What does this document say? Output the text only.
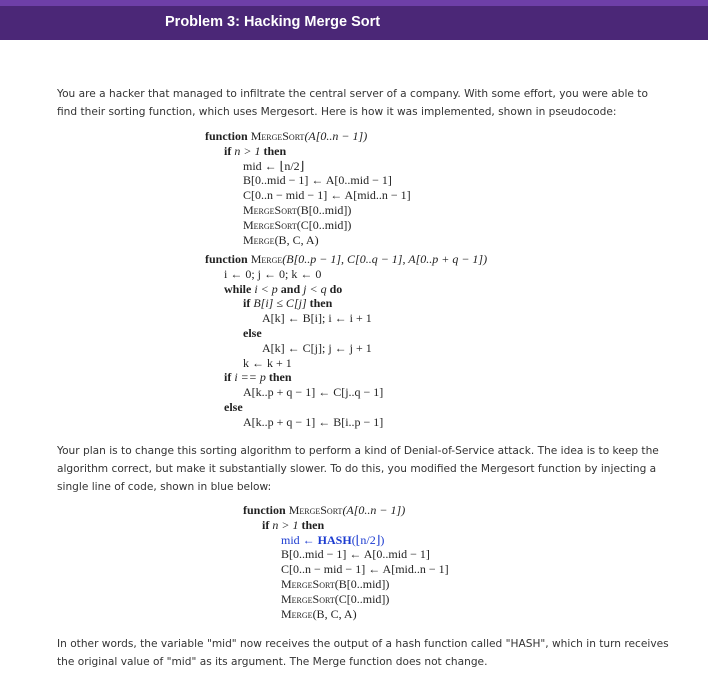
Problem 3: Hacking Merge Sort
You are a hacker that managed to infiltrate the central server of a company. With some effort, you were able to
find their sorting function, which uses Mergesort. Here is how it was implemented, shown in pseudocode:
function MergeSort(A[0..n − 1])
if n > 1 then
mid ← ⌊n/2⌋
B[0..mid − 1] ← A[0..mid − 1]
C[0..n − mid − 1] ← A[mid..n − 1]
MergeSort(B[0..mid])
MergeSort(C[0..mid])
Merge(B, C, A)
function Merge(B[0..p − 1], C[0..q − 1], A[0..p + q − 1])
i ← 0; j ← 0; k ← 0
while i < p and j < q do
if B[i] ≤ C[j] then
A[k] ← B[i]; i ← i + 1
else
A[k] ← C[j]; j ← j + 1
k ← k + 1
if i == p then
A[k..p + q − 1] ← C[j..q − 1]
else
A[k..p + q − 1] ← B[i..p − 1]
Your plan is to change this sorting algorithm to perform a kind of Denial-of-Service attack. The idea is to keep the
algorithm correct, but make it substantially slower. To do this, you modified the Mergesort function by injecting a
single line of code, shown in blue below:
function MergeSort(A[0..n − 1])
if n > 1 then
mid ← HASH(⌊n/2⌋)
B[0..mid − 1] ← A[0..mid − 1]
C[0..n − mid − 1] ← A[mid..n − 1]
MergeSort(B[0..mid])
MergeSort(C[0..mid])
Merge(B, C, A)
In other words, the variable "mid" now receives the output of a hash function called "HASH", which in turn receives
the original value of "mid" as its argument. The Merge function does not change.
